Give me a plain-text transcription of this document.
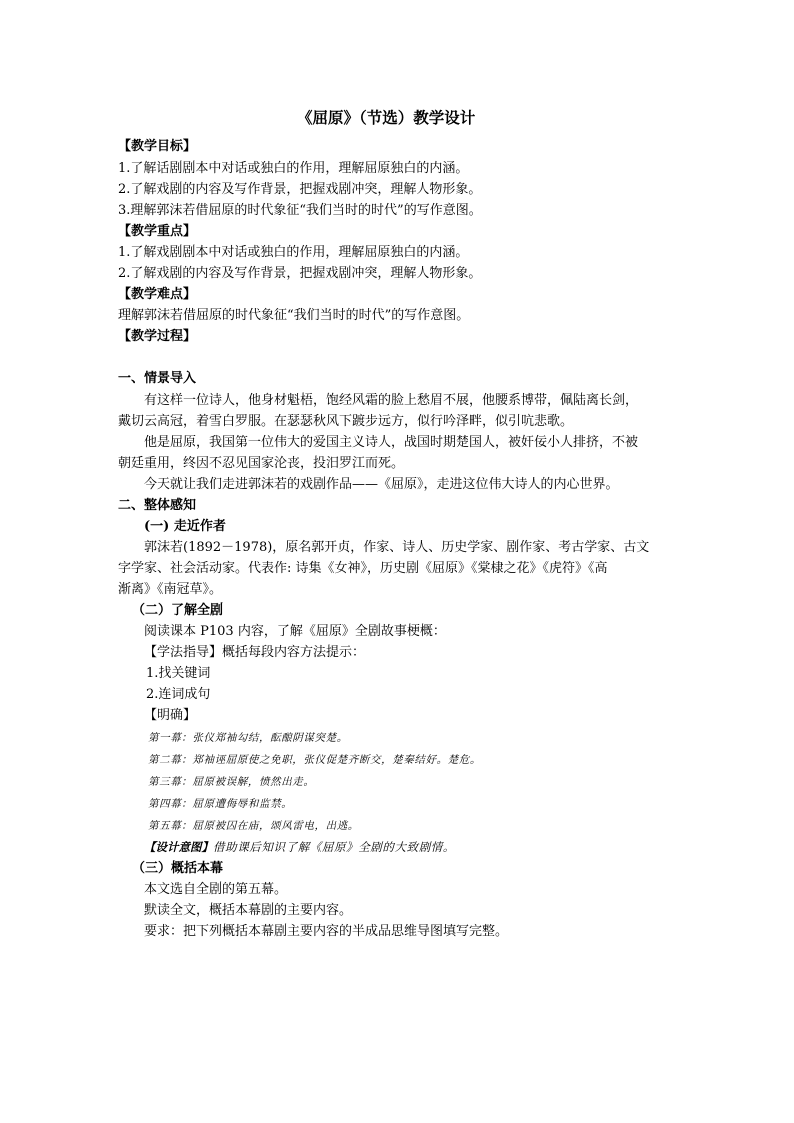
《屈原》（节选）教学设计
【教学目标】
1.了解话剧剧本中对话或独白的作用，理解屈原独白的内涵。
2.了解戏剧的内容及写作背景，把握戏剧冲突，理解人物形象。
3.理解郭沫若借屈原的时代象征“我们当时的时代”的写作意图。
【教学重点】
1.了解戏剧剧本中对话或独白的作用，理解屈原独白的内涵。
2.了解戏剧的内容及写作背景，把握戏剧冲突，理解人物形象。
【教学难点】
理解郭沫若借屈原的时代象征“我们当时的时代”的写作意图。
【教学过程】
一、情景导入
有这样一位诗人，他身材魁梧，饱经风霜的脸上愁眉不展，他腰系博带，佩陆离长剑，
戴切云高冠，着雪白罗服。在瑟瑟秋风下踱步远方，似行吟泽畔，似引吭悲歌。
他是屈原，我国第一位伟大的爱国主义诗人，战国时期楚国人，被奸佞小人排挤，不被
朝廷重用，终因不忍见国家沦丧，投汨罗江而死。
今天就让我们走进郭沫若的戏剧作品——《屈原》，走进这位伟大诗人的内心世界。
二、整体感知
(一) 走近作者
郭沫若(1892－1978)，原名郭开贞，作家、诗人、历史学家、剧作家、考古学家、古文
字学家、社会活动家。代表作: 诗集《女神》，历史剧《屈原》《棠棣之花》《虎符》《高
渐离》《南冠草》。
（二）了解全剧
阅读课本 P103 内容，了解《屈原》全剧故事梗概：
【学法指导】概括每段内容方法提示：
1.找关键词
2.连词成句
【明确】
第一幕：张仪郑袖勾结，酝酿阴谋突楚。
第二幕：郑袖诬屈原使之免职，张仪促楚齐断交，楚秦结好。楚危。
第三幕：屈原被误解，愤然出走。
第四幕：屈原遭侮辱和监禁。
第五幕：屈原被囚在庙，颂风雷电，出逃。
【设计意图】借助课后知识了解《屈原》全剧的大致剧情。
（三）概括本幕
本文选自全剧的第五幕。
默读全文，概括本幕剧的主要内容。
要求：把下列概括本幕剧主要内容的半成品思维导图填写完整。
